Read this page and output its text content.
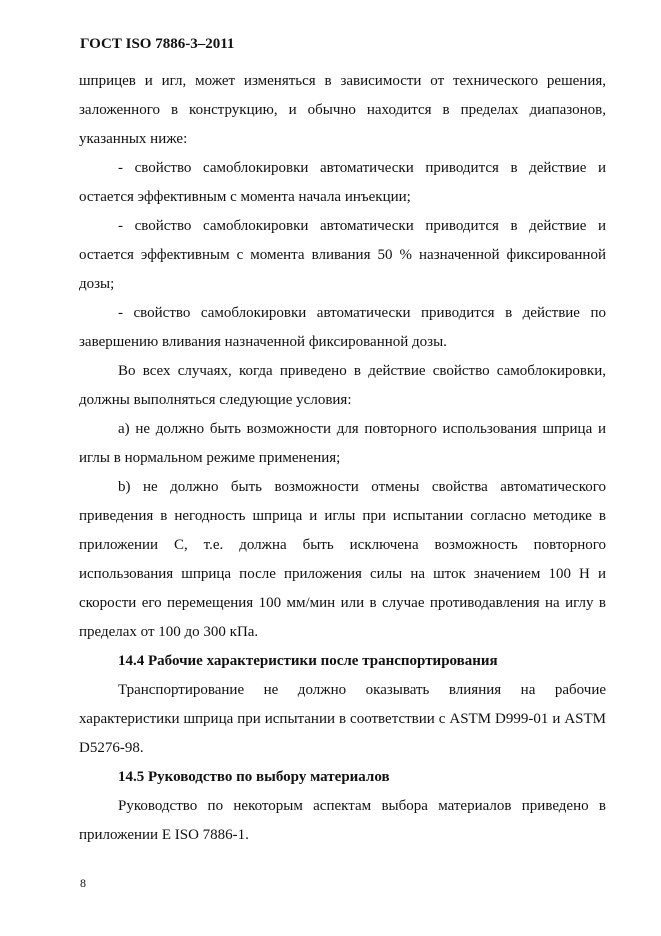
ГОСТ ISO 7886-3–2011

шприцев и игл, может изменяться в зависимости от технического решения, заложенного в конструкцию, и обычно находится в пределах диапазонов, указанных ниже:

- свойство самоблокировки автоматически приводится в действие и остается эффективным с момента начала инъекции;

- свойство самоблокировки автоматически приводится в действие и остается эффективным с момента вливания 50 % назначенной фиксированной дозы;

- свойство самоблокировки автоматически приводится в действие по завершению вливания назначенной фиксированной дозы.

Во всех случаях, когда приведено в действие свойство самоблокировки, должны выполняться следующие условия:

a) не должно быть возможности для повторного использования шприца и иглы в нормальном режиме применения;

b) не должно быть возможности отмены свойства автоматического приведения в негодность шприца и иглы при испытании согласно методике в приложении С, т.е. должна быть исключена возможность повторного использования шприца после приложения силы на шток значением 100 Н и скорости его перемещения 100 мм/мин или в случае противодавления на иглу в пределах от 100 до 300 кПа.

14.4 Рабочие характеристики после транспортирования

Транспортирование не должно оказывать влияния на рабочие характеристики шприца при испытании в соответствии с ASTM D999-01 и ASTM D5276-98.

14.5 Руководство по выбору материалов

Руководство по некоторым аспектам выбора материалов приведено в приложении Е ISO 7886-1.

8
